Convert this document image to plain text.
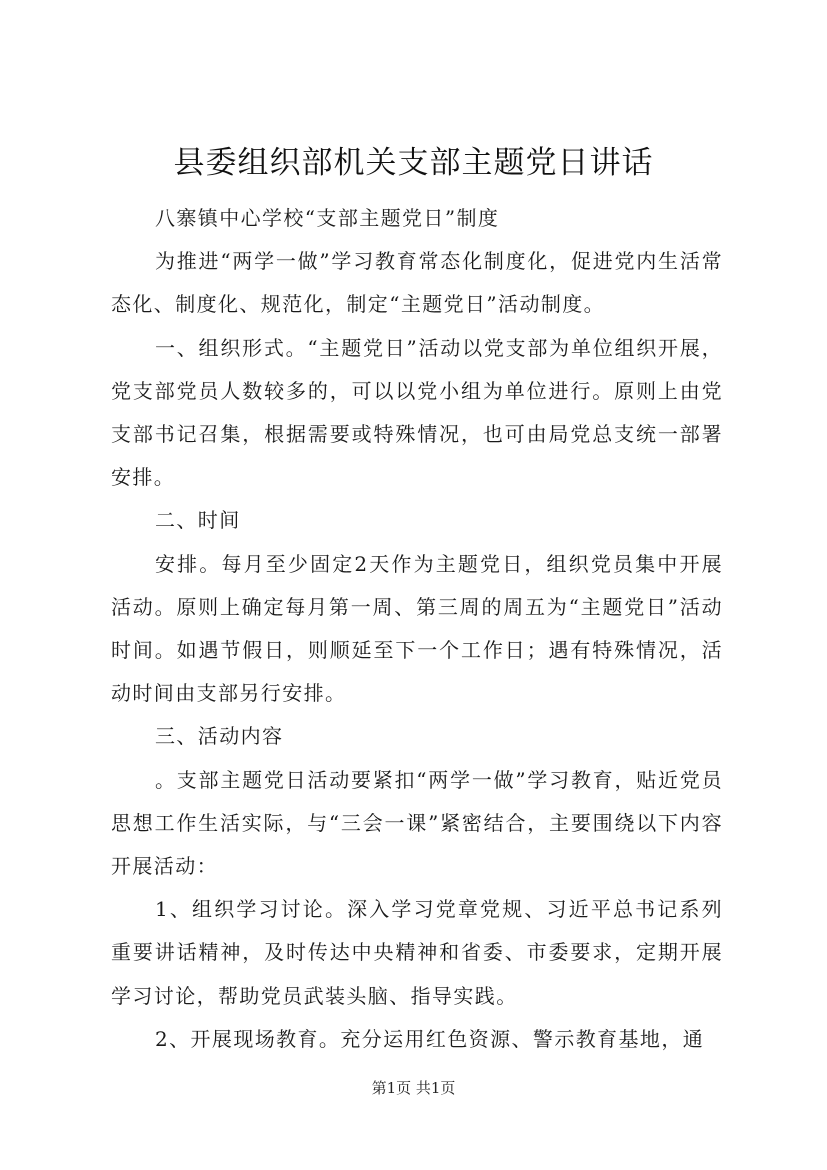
县委组织部机关支部主题党日讲话

八寨镇中心学校“支部主题党日”制度

为推进“两学一做”学习教育常态化制度化，促进党内生活常态化、制度化、规范化，制定“主题党日”活动制度。

一、组织形式。“主题党日”活动以党支部为单位组织开展，党支部党员人数较多的，可以以党小组为单位进行。原则上由党支部书记召集，根据需要或特殊情况，也可由局党总支统一部署安排。

二、时间

安排。每月至少固定2天作为主题党日，组织党员集中开展活动。原则上确定每月第一周、第三周的周五为“主题党日”活动时间。如遇节假日，则顺延至下一个工作日；遇有特殊情况，活动时间由支部另行安排。

三、活动内容

。支部主题党日活动要紧扣“两学一做”学习教育，贴近党员思想工作生活实际，与“三会一课”紧密结合，主要围绕以下内容开展活动：

1、组织学习讨论。深入学习党章党规、习近平总书记系列重要讲话精神，及时传达中央精神和省委、市委要求，定期开展学习讨论，帮助党员武装头脑、指导实践。

2、开展现场教育。充分运用红色资源、警示教育基地，通

第1页 共1页
